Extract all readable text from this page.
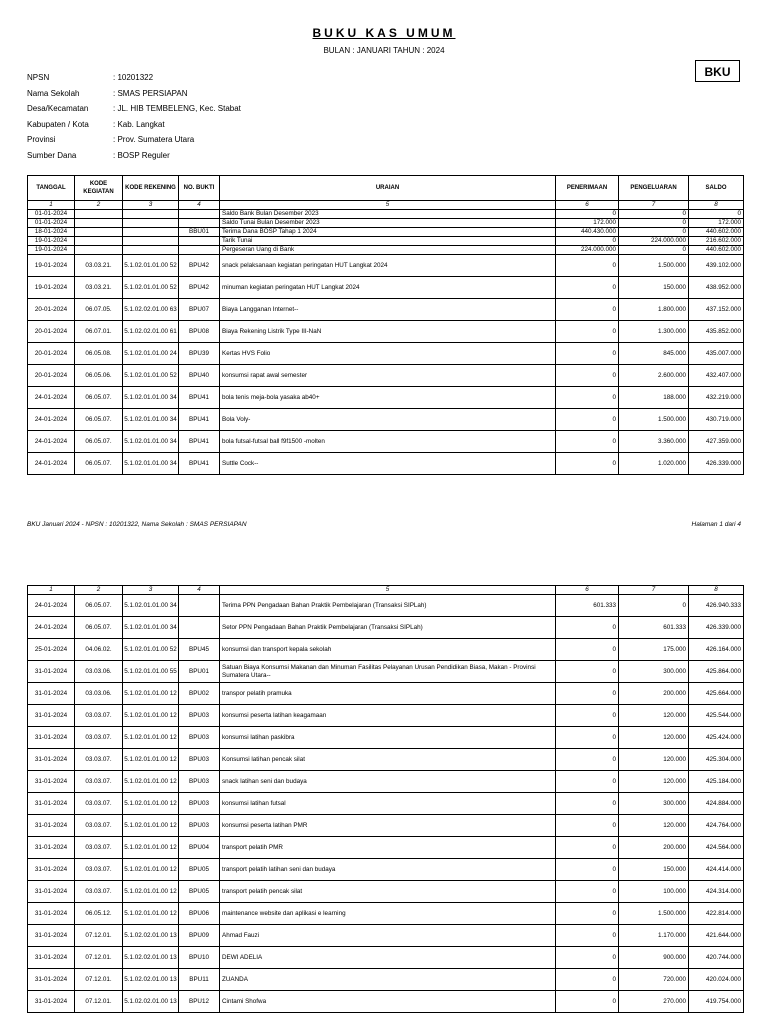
BUKU KAS UMUM
BULAN : JANUARI TAHUN : 2024
BKU
NPSN	: 10201322
Nama Sekolah	: SMAS PERSIAPAN
Desa/Kecamatan	: JL. HIB TEMBELENG, Kec. Stabat
Kabupaten / Kota	: Kab. Langkat
Provinsi	: Prov. Sumatera Utara
Sumber Dana	: BOSP Reguler
TANGGAL	KODE KEGIATAN	KODE REKENING	NO. BUKTI	URAIAN	PENERIMAAN	PENGELUARAN	SALDO
1	2	3	4	5	6	7	8
01-01-2024				Saldo Bank Bulan Desember 2023	0	0	0
01-01-2024				Saldo Tunai Bulan Desember 2023	172.000	0	172.000
18-01-2024			BBU01	Terima Dana BOSP Tahap 1 2024	440.430.000	0	440.602.000
19-01-2024				Tarik Tunai	0	224.000.000	216.602.000
19-01-2024				Pergeseran Uang di Bank	224.000.000	0	440.602.000
19-01-2024	03.03.21.	5.1.02.01.01.00 52	BPU42	snack pelaksanaan kegiatan peringatan HUT Langkat 2024	0	1.500.000	439.102.000
19-01-2024	03.03.21.	5.1.02.01.01.00 52	BPU42	minuman kegiatan peringatan HUT Langkat 2024	0	150.000	438.952.000
20-01-2024	06.07.05.	5.1.02.02.01.00 63	BPU07	Biaya Langganan Internet--	0	1.800.000	437.152.000
20-01-2024	06.07.01.	5.1.02.02.01.00 61	BPU08	Biaya Rekening Listrik Type III-NaN	0	1.300.000	435.852.000
20-01-2024	06.05.08.	5.1.02.01.01.00 24	BPU39	Kertas HVS Folio	0	845.000	435.007.000
20-01-2024	06.05.06.	5.1.02.01.01.00 52	BPU40	konsumsi rapat awal semester	0	2.600.000	432.407.000
24-01-2024	06.05.07.	5.1.02.01.01.00 34	BPU41	bola tenis meja-bola yasaka ab40+	0	188.000	432.219.000
24-01-2024	06.05.07.	5.1.02.01.01.00 34	BPU41	Bola Voly-	0	1.500.000	430.719.000
24-01-2024	06.05.07.	5.1.02.01.01.00 34	BPU41	bola futsal-futsal ball f9f1500 -molten	0	3.360.000	427.359.000
24-01-2024	06.05.07.	5.1.02.01.01.00 34	BPU41	Suttle Cock--	0	1.020.000	426.339.000
BKU Januari 2024 - NPSN : 10201322, Nama Sekolah : SMAS PERSIAPAN	Halaman 1 dari 4
1	2	3	4	5	6	7	8
24-01-2024	06.05.07.	5.1.02.01.01.00 34		Terima PPN Pengadaan Bahan Praktik Pembelajaran (Transaksi SIPLah)	601.333	0	426.940.333
24-01-2024	06.05.07.	5.1.02.01.01.00 34		Setor PPN Pengadaan Bahan Praktik Pembelajaran (Transaksi SIPLah)	0	601.333	426.339.000
25-01-2024	04.06.02.	5.1.02.01.01.00 52	BPU45	konsumsi dan transport kepala sekolah	0	175.000	426.164.000
31-01-2024	03.03.06.	5.1.02.01.01.00 55	BPU01	Satuan Biaya Konsumsi Makanan dan Minuman Fasilitas Pelayanan Urusan Pendidikan Biasa, Makan - Provinsi Sumatera Utara--	0	300.000	425.864.000
31-01-2024	03.03.06.	5.1.02.01.01.00 12	BPU02	transpor pelatih pramuka	0	200.000	425.664.000
31-01-2024	03.03.07.	5.1.02.01.01.00 12	BPU03	konsumsi peserta latihan keagamaan	0	120.000	425.544.000
31-01-2024	03.03.07.	5.1.02.01.01.00 12	BPU03	konsumsi latihan paskibra	0	120.000	425.424.000
31-01-2024	03.03.07.	5.1.02.01.01.00 12	BPU03	Konsumsi latihan pencak silat	0	120.000	425.304.000
31-01-2024	03.03.07.	5.1.02.01.01.00 12	BPU03	snack latihan seni dan budaya	0	120.000	425.184.000
31-01-2024	03.03.07.	5.1.02.01.01.00 12	BPU03	konsumsi latihan futsal	0	300.000	424.884.000
31-01-2024	03.03.07.	5.1.02.01.01.00 12	BPU03	konsumsi peserta latihan PMR	0	120.000	424.764.000
31-01-2024	03.03.07.	5.1.02.01.01.00 12	BPU04	transport pelatih PMR	0	200.000	424.564.000
31-01-2024	03.03.07.	5.1.02.01.01.00 12	BPU05	transport pelatih latihan seni dan budaya	0	150.000	424.414.000
31-01-2024	03.03.07.	5.1.02.01.01.00 12	BPU05	transport pelatih pencak silat	0	100.000	424.314.000
31-01-2024	06.05.12.	5.1.02.01.01.00 12	BPU06	maintenance website dan aplikasi e learning	0	1.500.000	422.814.000
31-01-2024	07.12.01.	5.1.02.02.01.00 13	BPU09	Ahmad Fauzi	0	1.170.000	421.644.000
31-01-2024	07.12.01.	5.1.02.02.01.00 13	BPU10	DEWI ADELIA	0	900.000	420.744.000
31-01-2024	07.12.01.	5.1.02.02.01.00 13	BPU11	ZUANDA	0	720.000	420.024.000
31-01-2024	07.12.01.	5.1.02.02.01.00 13	BPU12	Cintami Shofwa	0	270.000	419.754.000
